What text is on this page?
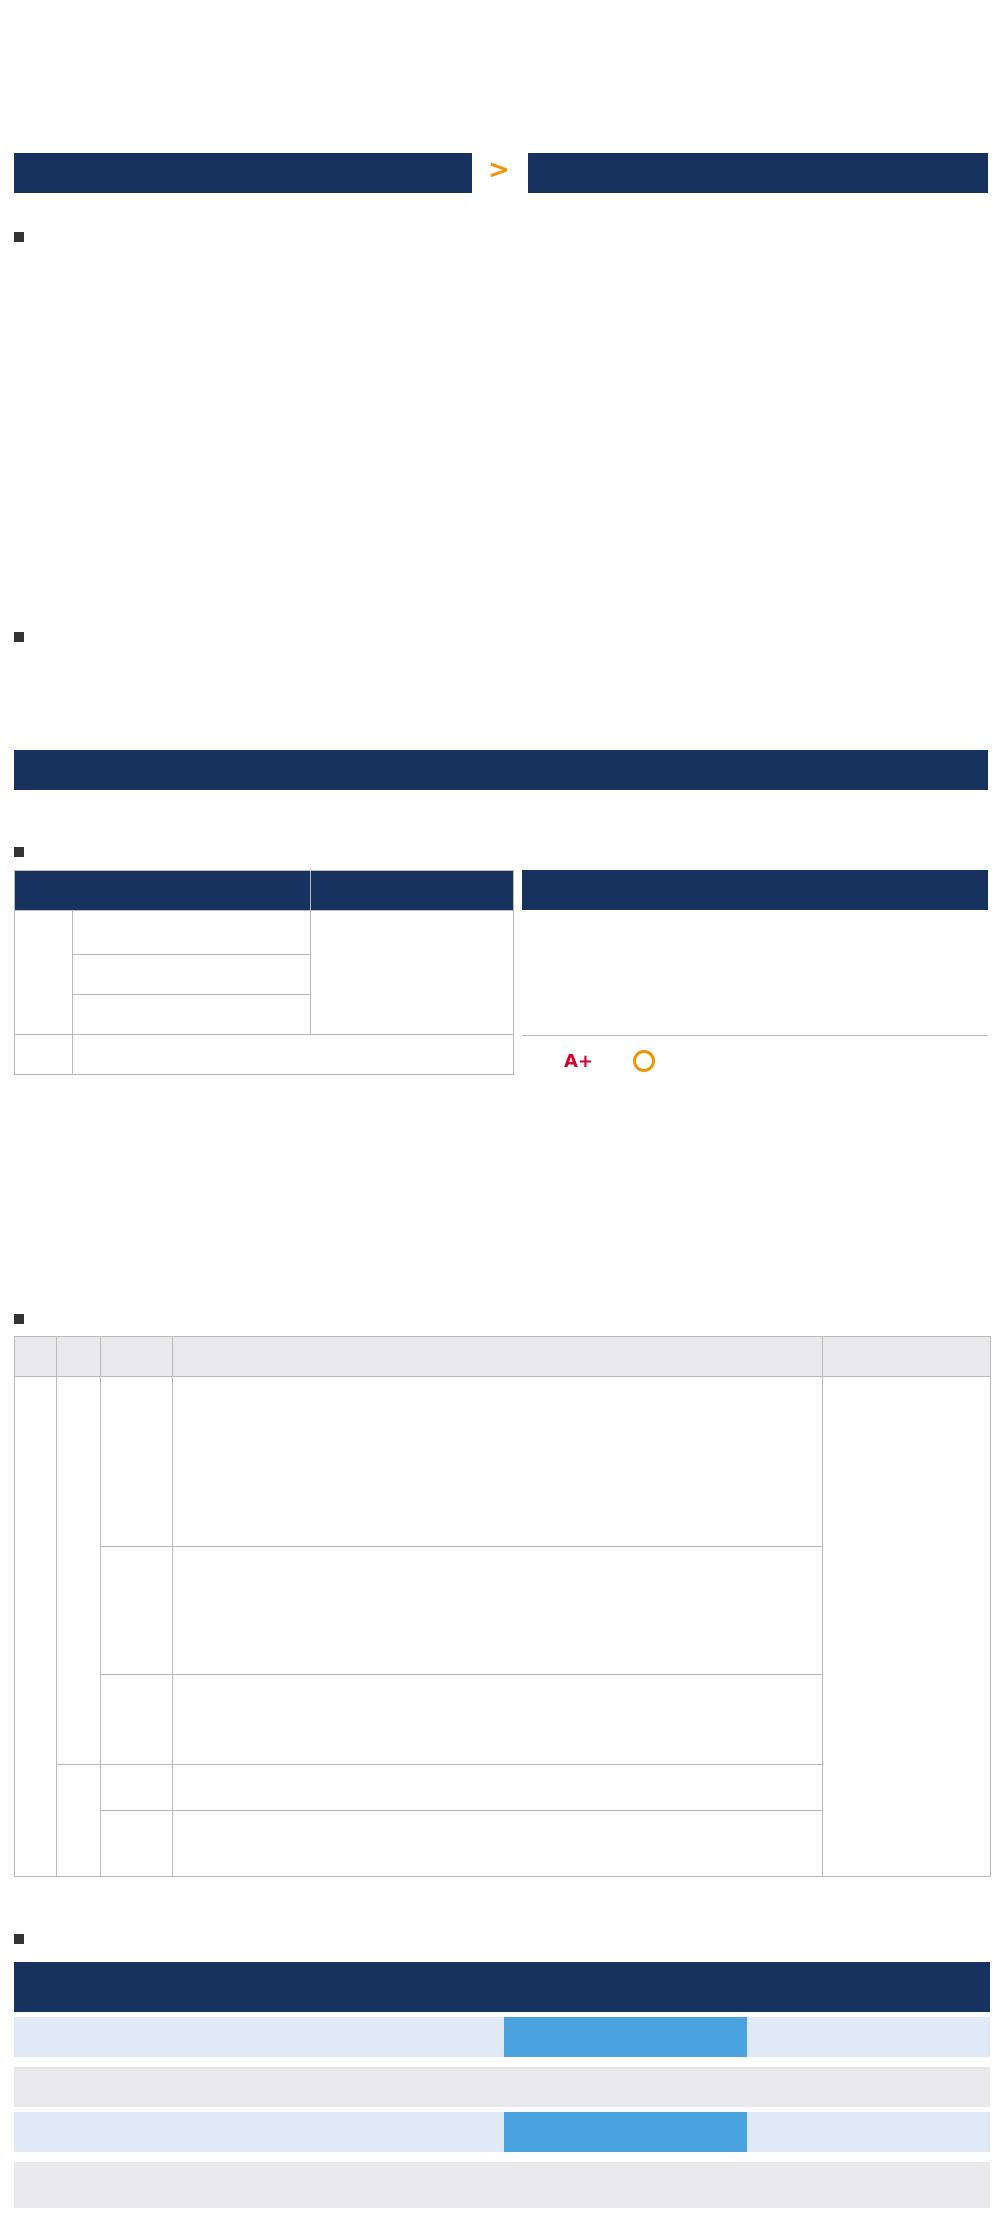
>

A+
